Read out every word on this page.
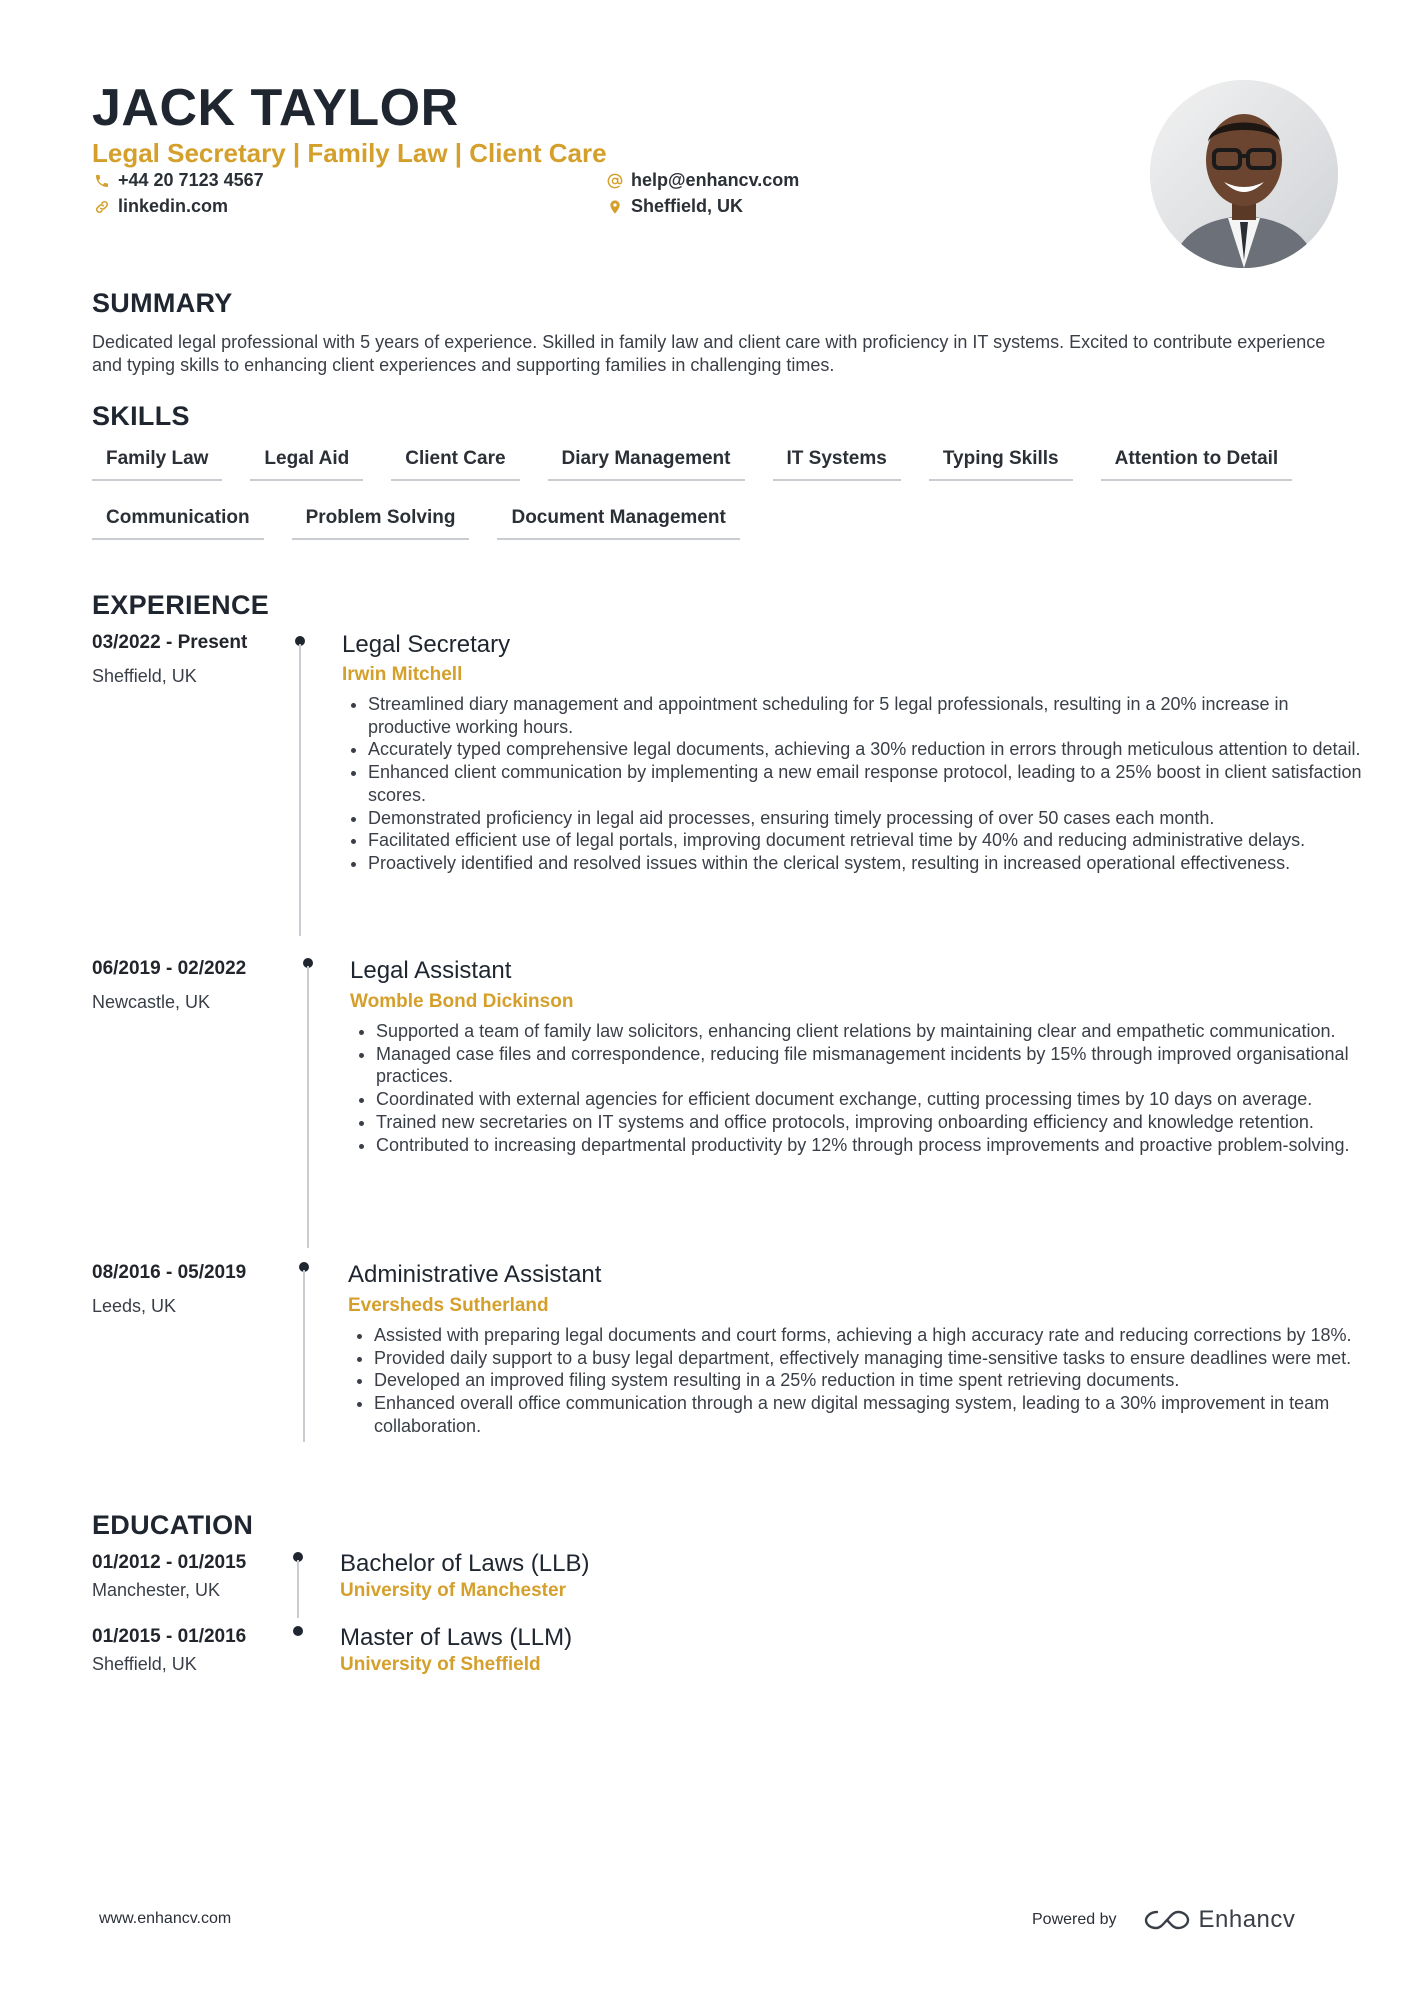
JACK TAYLOR
Legal Secretary | Family Law | Client Care
+44 20 7123 4567
linkedin.com
help@enhancv.com
Sheffield, UK
SUMMARY
Dedicated legal professional with 5 years of experience. Skilled in family law and client care with proficiency in IT systems. Excited to contribute experience and typing skills to enhancing client experiences and supporting families in challenging times.
SKILLS
Family Law	Legal Aid	Client Care	Diary Management	IT Systems	Typing Skills	Attention to Detail
Communication	Problem Solving	Document Management
EXPERIENCE
03/2022 - Present
Sheffield, UK
Legal Secretary
Irwin Mitchell
• Streamlined diary management and appointment scheduling for 5 legal professionals, resulting in a 20% increase in productive working hours.
• Accurately typed comprehensive legal documents, achieving a 30% reduction in errors through meticulous attention to detail.
• Enhanced client communication by implementing a new email response protocol, leading to a 25% boost in client satisfaction scores.
• Demonstrated proficiency in legal aid processes, ensuring timely processing of over 50 cases each month.
• Facilitated efficient use of legal portals, improving document retrieval time by 40% and reducing administrative delays.
• Proactively identified and resolved issues within the clerical system, resulting in increased operational effectiveness.
06/2019 - 02/2022
Newcastle, UK
Legal Assistant
Womble Bond Dickinson
• Supported a team of family law solicitors, enhancing client relations by maintaining clear and empathetic communication.
• Managed case files and correspondence, reducing file mismanagement incidents by 15% through improved organisational practices.
• Coordinated with external agencies for efficient document exchange, cutting processing times by 10 days on average.
• Trained new secretaries on IT systems and office protocols, improving onboarding efficiency and knowledge retention.
• Contributed to increasing departmental productivity by 12% through process improvements and proactive problem-solving.
08/2016 - 05/2019
Leeds, UK
Administrative Assistant
Eversheds Sutherland
• Assisted with preparing legal documents and court forms, achieving a high accuracy rate and reducing corrections by 18%.
• Provided daily support to a busy legal department, effectively managing time-sensitive tasks to ensure deadlines were met.
• Developed an improved filing system resulting in a 25% reduction in time spent retrieving documents.
• Enhanced overall office communication through a new digital messaging system, leading to a 30% improvement in team collaboration.
EDUCATION
01/2012 - 01/2015
Manchester, UK
Bachelor of Laws (LLB)
University of Manchester
01/2015 - 01/2016
Sheffield, UK
Master of Laws (LLM)
University of Sheffield
www.enhancv.com	Powered by	Enhancv
